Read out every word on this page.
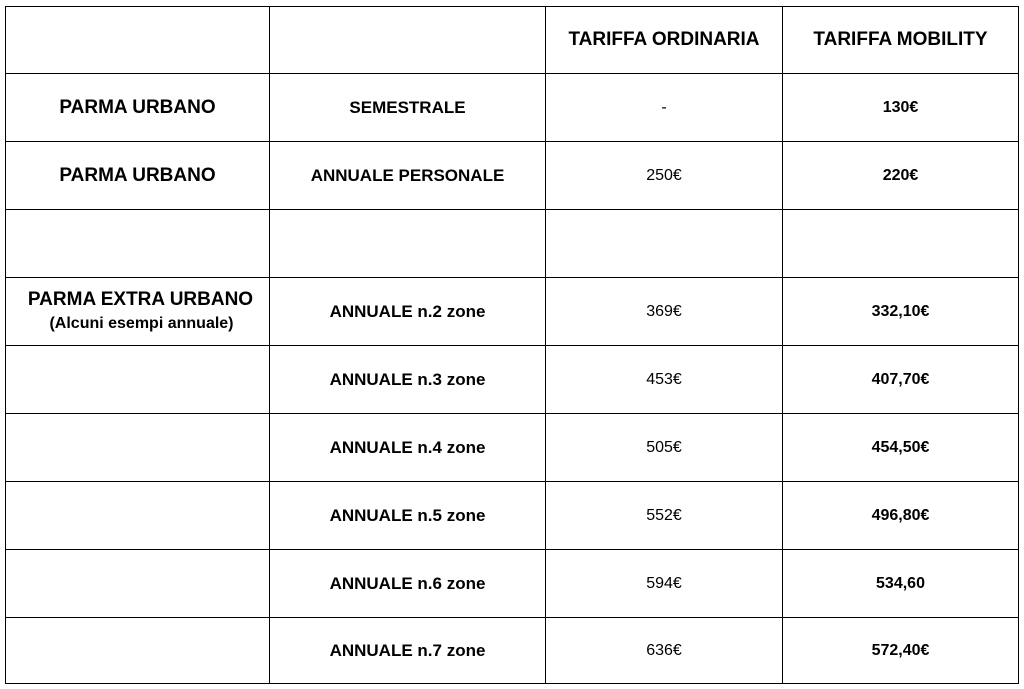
		TARIFFA ORDINARIA	TARIFFA MOBILITY
PARMA URBANO	SEMESTRALE	-	130€
PARMA URBANO	ANNUALE PERSONALE	250€	220€

PARMA EXTRA URBANO
(Alcuni esempi annuale)	ANNUALE n.2 zone	369€	332,10€
	ANNUALE n.3 zone	453€	407,70€
	ANNUALE n.4 zone	505€	454,50€
	ANNUALE n.5 zone	552€	496,80€
	ANNUALE n.6 zone	594€	534,60
	ANNUALE n.7 zone	636€	572,40€
